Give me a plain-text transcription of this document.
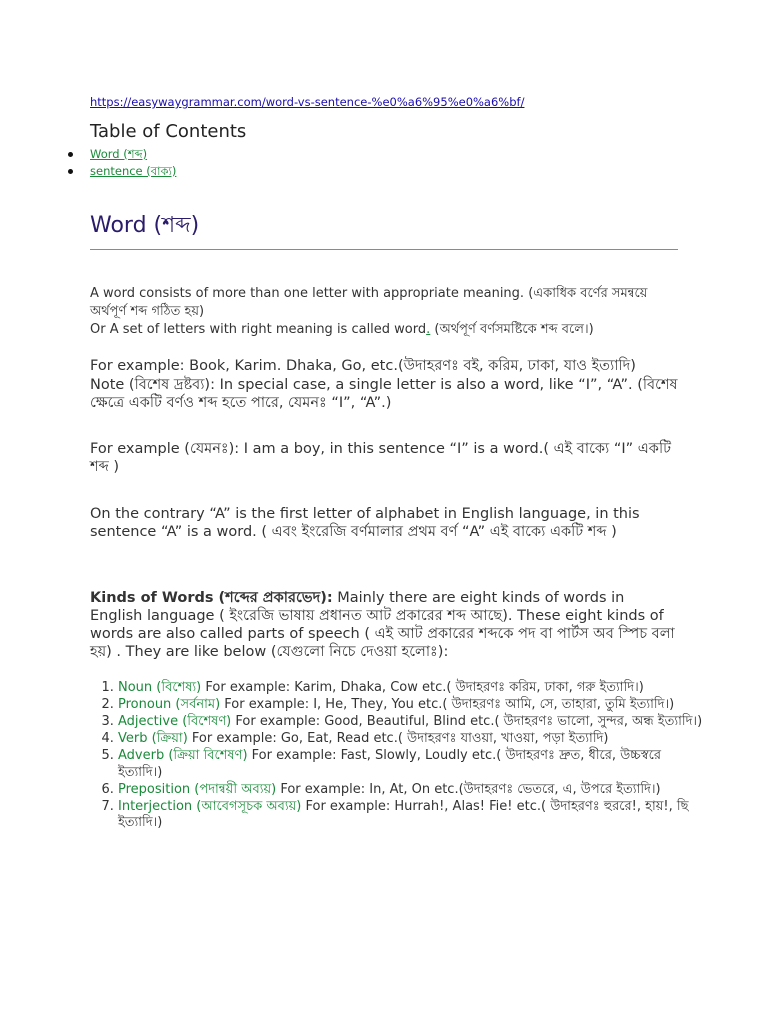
https://easywaygrammar.com/word-vs-sentence-%e0%a6%95%e0%a6%bf/
Table of Contents
Word (শব্দ)
sentence (বাক্য)
Word (শব্দ)
A word consists of more than one letter with appropriate meaning. (একাধিক বর্ণের সমন্বয়ে অর্থপূর্ণ শব্দ গঠিত হয়)
Or A set of letters with right meaning is called word. (অর্থপূর্ণ বর্ণসমষ্টিকে শব্দ বলে।)
For example: Book, Karim. Dhaka, Go, etc.(উদাহরণঃ বই, করিম, ঢাকা, যাও ইত্যাদি)
Note (বিশেষ দ্রষ্টব্য): In special case, a single letter is also a word, like “I”, “A”. (বিশেষ ক্ষেত্রে একটি বর্ণও শব্দ হতে পারে, যেমনঃ “I”, “A”.)
For example (যেমনঃ): I am a boy, in this sentence “I” is a word.( এই বাক্যে “I” একটি শব্দ )
On the contrary “A” is the first letter of alphabet in English language, in this sentence “A” is a word. ( এবং ইংরেজি বর্ণমালার প্রথম বর্ণ “A” এই বাক্যে একটি শব্দ )
Kinds of Words (শব্দের প্রকারভেদ): Mainly there are eight kinds of words in English language ( ইংরেজি ভাষায় প্রধানত আট প্রকারের শব্দ আছে). These eight kinds of words are also called parts of speech ( এই আট প্রকারের শব্দকে পদ বা পার্টস অব স্পিচ বলা হয়) . They are like below (যেগুলো নিচে দেওয়া হলোঃ):
1. Noun (বিশেষ্য) For example: Karim, Dhaka, Cow etc.( উদাহরণঃ করিম, ঢাকা, গরু ইত্যাদি।)
2. Pronoun (সর্বনাম) For example: I, He, They, You etc.( উদাহরণঃ আমি, সে, তাহারা, তুমি ইত্যাদি।)
3. Adjective (বিশেষণ) For example: Good, Beautiful, Blind etc.( উদাহরণঃ ভালো, সুন্দর, অন্ধ ইত্যাদি।)
4. Verb (ক্রিয়া) For example: Go, Eat, Read etc.( উদাহরণঃ যাওয়া, খাওয়া, পড়া ইত্যাদি)
5. Adverb (ক্রিয়া বিশেষণ) For example: Fast, Slowly, Loudly etc.( উদাহরণঃ দ্রুত, ধীরে, উচ্চস্বরে ইত্যাদি।)
6. Preposition (পদান্বয়ী অব্যয়) For example: In, At, On etc.(উদাহরণঃ ভেতরে, এ, উপরে ইত্যাদি।)
7. Interjection (আবেগসূচক অব্যয়) For example: Hurrah!, Alas! Fie! etc.( উদাহরণঃ হুররে!, হায়!, ছি ইত্যাদি।)
